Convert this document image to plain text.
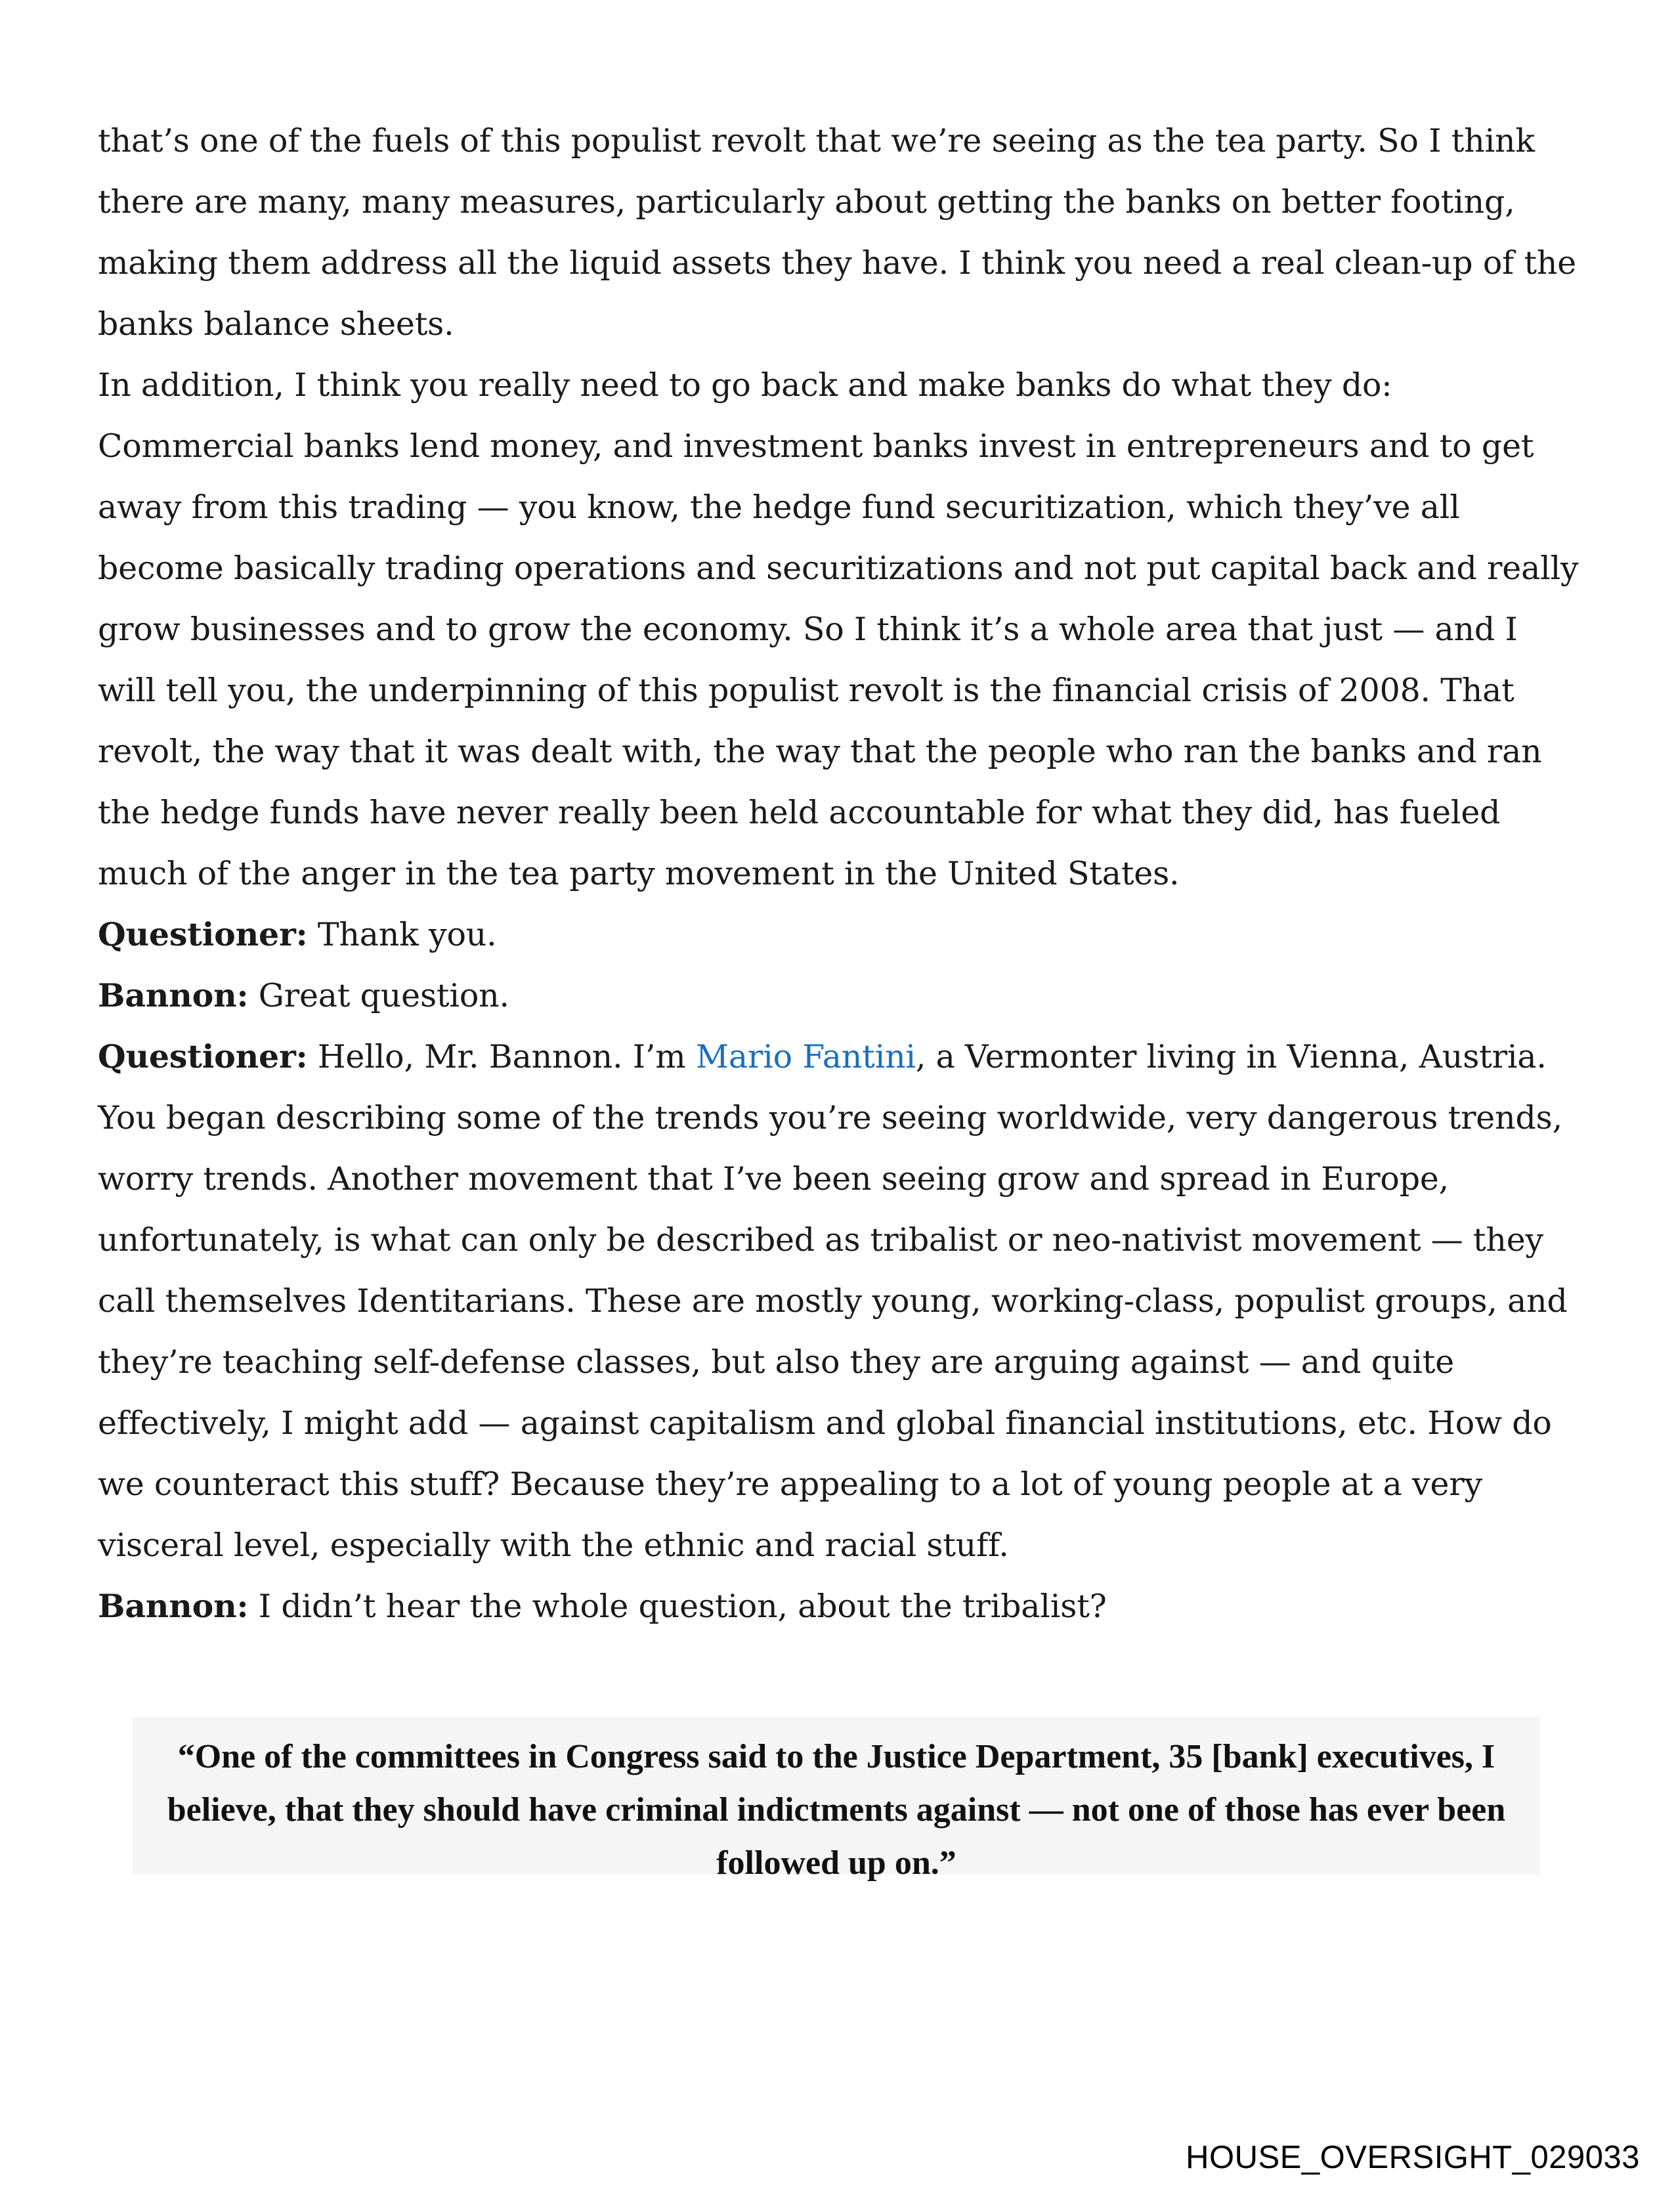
that’s one of the fuels of this populist revolt that we’re seeing as the tea party. So I think there are many, many measures, particularly about getting the banks on better footing, making them address all the liquid assets they have. I think you need a real clean-up of the banks balance sheets.

In addition, I think you really need to go back and make banks do what they do: Commercial banks lend money, and investment banks invest in entrepreneurs and to get away from this trading — you know, the hedge fund securitization, which they’ve all become basically trading operations and securitizations and not put capital back and really grow businesses and to grow the economy. So I think it’s a whole area that just — and I will tell you, the underpinning of this populist revolt is the financial crisis of 2008. That revolt, the way that it was dealt with, the way that the people who ran the banks and ran the hedge funds have never really been held accountable for what they did, has fueled much of the anger in the tea party movement in the United States.

Questioner: Thank you.

Bannon: Great question.

Questioner: Hello, Mr. Bannon. I’m Mario Fantini, a Vermonter living in Vienna, Austria. You began describing some of the trends you’re seeing worldwide, very dangerous trends, worry trends. Another movement that I’ve been seeing grow and spread in Europe, unfortunately, is what can only be described as tribalist or neo-nativist movement — they call themselves Identitarians. These are mostly young, working-class, populist groups, and they’re teaching self-defense classes, but also they are arguing against — and quite effectively, I might add — against capitalism and global financial institutions, etc. How do we counteract this stuff? Because they’re appealing to a lot of young people at a very visceral level, especially with the ethnic and racial stuff.

Bannon: I didn’t hear the whole question, about the tribalist?

“One of the committees in Congress said to the Justice Department, 35 [bank] executives, I believe, that they should have criminal indictments against — not one of those has ever been followed up on.”

HOUSE_OVERSIGHT_029033
